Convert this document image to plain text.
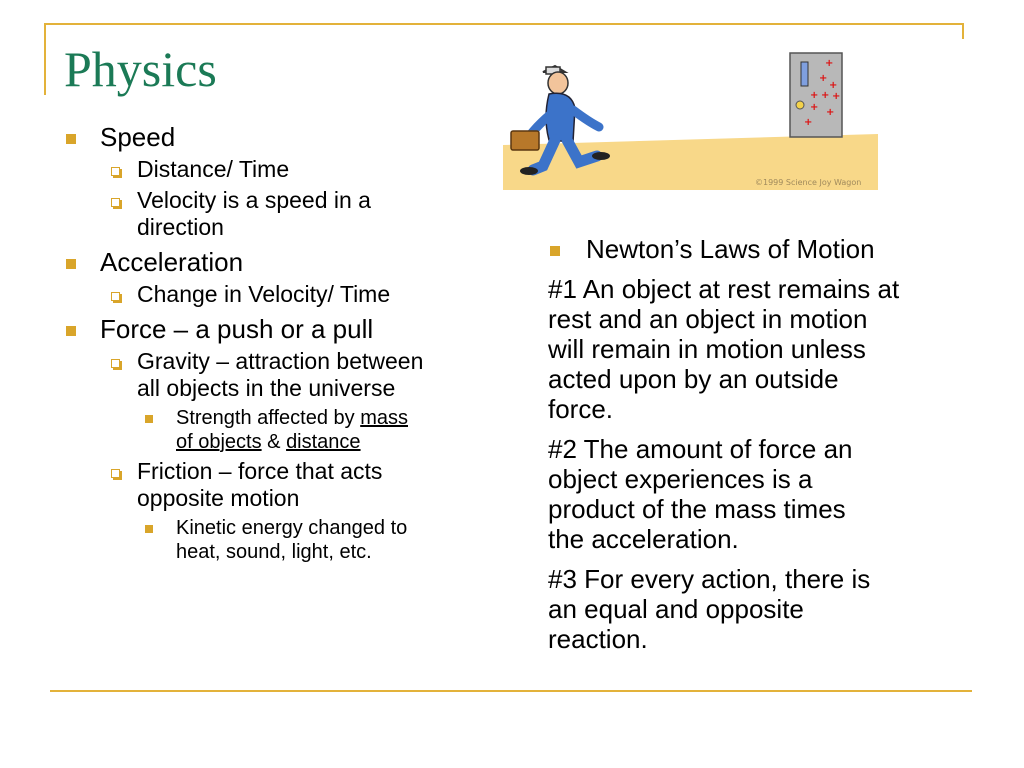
Physics
Speed
Distance/ Time
Velocity is a speed in a
direction
Acceleration
Change in Velocity/ Time
Force – a push or a pull
Gravity – attraction between
all objects in the universe
Strength affected by mass
of objects & distance
Friction – force that acts
opposite motion
Kinetic energy changed to
heat, sound, light, etc.
+
+
+
+ + +
+ +
+
©1999 Science Joy Wagon
Newton’s Laws of Motion
#1 An object at rest remains at
rest and an object in motion
will remain in motion unless
acted upon by an outside
force.
#2 The amount of force an
object experiences is a
product of the mass times
the acceleration.
#3 For every action, there is
an equal and opposite
reaction.
